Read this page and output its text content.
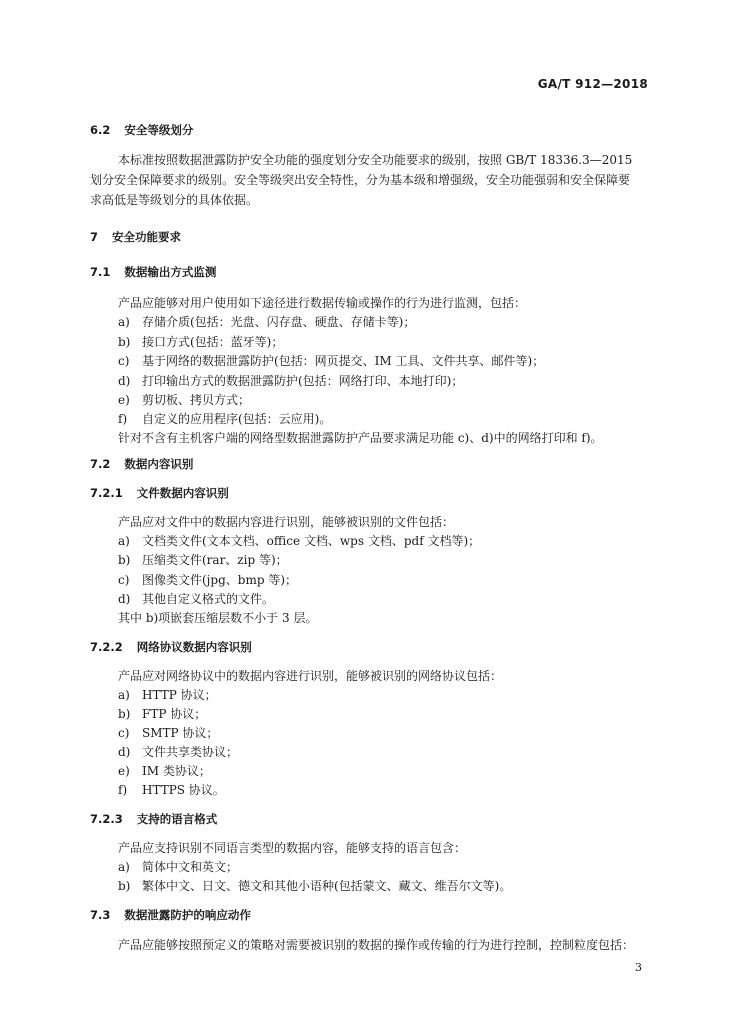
GA/T 912—2018
6.2 安全等级划分
本标准按照数据泄露防护安全功能的强度划分安全功能要求的级别，按照 GB/T 18336.3—2015
划分安全保障要求的级别。安全等级突出安全特性，分为基本级和增强级，安全功能强弱和安全保障要
求高低是等级划分的具体依据。
7 安全功能要求
7.1 数据输出方式监测
产品应能够对用户使用如下途径进行数据传输或操作的行为进行监测，包括：
a) 存储介质(包括：光盘、闪存盘、硬盘、存储卡等)；
b) 接口方式(包括：蓝牙等)；
c) 基于网络的数据泄露防护(包括：网页提交、IM 工具、文件共享、邮件等)；
d) 打印输出方式的数据泄露防护(包括：网络打印、本地打印)；
e) 剪切板、拷贝方式；
f) 自定义的应用程序(包括：云应用)。
针对不含有主机客户端的网络型数据泄露防护产品要求满足功能 c)、d)中的网络打印和 f)。
7.2 数据内容识别
7.2.1 文件数据内容识别
产品应对文件中的数据内容进行识别，能够被识别的文件包括：
a) 文档类文件(文本文档、office 文档、wps 文档、pdf 文档等)；
b) 压缩类文件(rar、zip 等)；
c) 图像类文件(jpg、bmp 等)；
d) 其他自定义格式的文件。
其中 b)项嵌套压缩层数不小于 3 层。
7.2.2 网络协议数据内容识别
产品应对网络协议中的数据内容进行识别，能够被识别的网络协议包括：
a) HTTP 协议；
b) FTP 协议；
c) SMTP 协议；
d) 文件共享类协议；
e) IM 类协议；
f) HTTPS 协议。
7.2.3 支持的语言格式
产品应支持识别不同语言类型的数据内容，能够支持的语言包含：
a) 简体中文和英文；
b) 繁体中文、日文、德文和其他小语种(包括蒙文、藏文、维吾尔文等)。
7.3 数据泄露防护的响应动作
产品应能够按照预定义的策略对需要被识别的数据的操作或传输的行为进行控制，控制粒度包括：
3
